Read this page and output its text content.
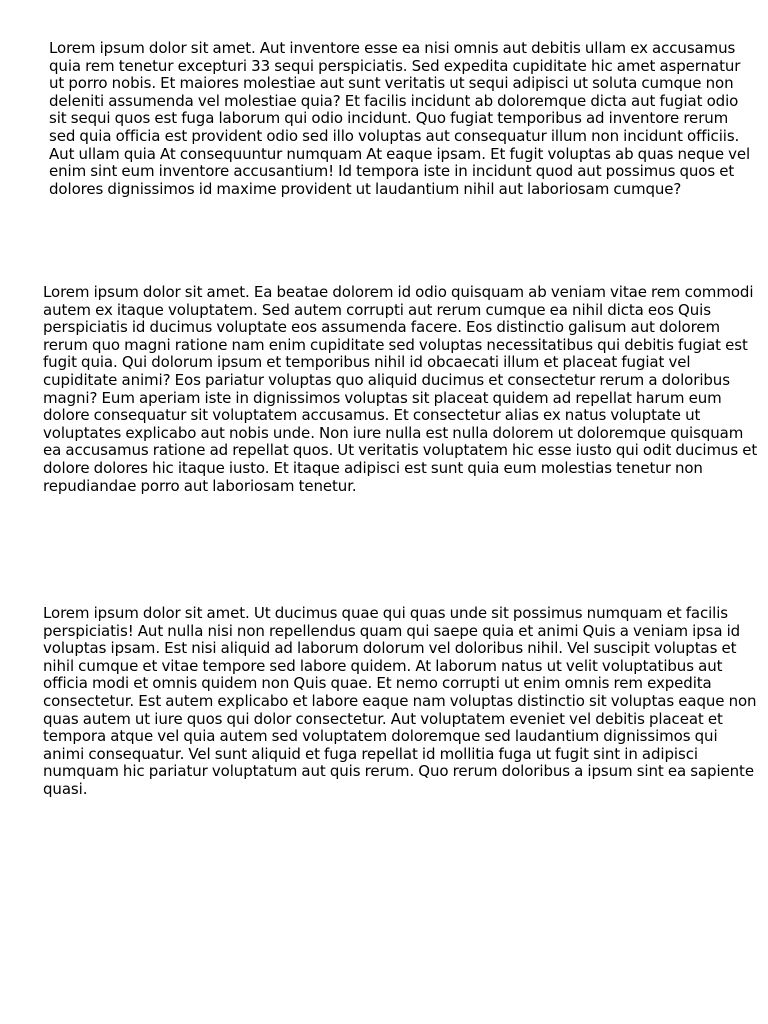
Lorem ipsum dolor sit amet. Aut inventore esse ea nisi omnis aut debitis ullam ex accusamus quia rem tenetur excepturi 33 sequi perspiciatis. Sed expedita cupiditate hic amet aspernatur ut porro nobis. Et maiores molestiae aut sunt veritatis ut sequi adipisci ut soluta cumque non deleniti assumenda vel molestiae quia? Et facilis incidunt ab doloremque dicta aut fugiat odio sit sequi quos est fuga laborum qui odio incidunt. Quo fugiat temporibus ad inventore rerum sed quia officia est provident odio sed illo voluptas aut consequatur illum non incidunt officiis. Aut ullam quia At consequuntur numquam At eaque ipsam. Et fugit voluptas ab quas neque vel enim sint eum inventore accusantium! Id tempora iste in incidunt quod aut possimus quos et dolores dignissimos id maxime provident ut laudantium nihil aut laboriosam cumque?

Lorem ipsum dolor sit amet. Ea beatae dolorem id odio quisquam ab veniam vitae rem commodi autem ex itaque voluptatem. Sed autem corrupti aut rerum cumque ea nihil dicta eos Quis perspiciatis id ducimus voluptate eos assumenda facere. Eos distinctio galisum aut dolorem rerum quo magni ratione nam enim cupiditate sed voluptas necessitatibus qui debitis fugiat est fugit quia. Qui dolorum ipsum et temporibus nihil id obcaecati illum et placeat fugiat vel cupiditate animi? Eos pariatur voluptas quo aliquid ducimus et consectetur rerum a doloribus magni? Eum aperiam iste in dignissimos voluptas sit placeat quidem ad repellat harum eum dolore consequatur sit voluptatem accusamus. Et consectetur alias ex natus voluptate ut voluptates explicabo aut nobis unde. Non iure nulla est nulla dolorem ut doloremque quisquam ea accusamus ratione ad repellat quos. Ut veritatis voluptatem hic esse iusto qui odit ducimus et dolore dolores hic itaque iusto. Et itaque adipisci est sunt quia eum molestias tenetur non repudiandae porro aut laboriosam tenetur.

Lorem ipsum dolor sit amet. Ut ducimus quae qui quas unde sit possimus numquam et facilis perspiciatis! Aut nulla nisi non repellendus quam qui saepe quia et animi Quis a veniam ipsa id voluptas ipsam. Est nisi aliquid ad laborum dolorum vel doloribus nihil. Vel suscipit voluptas et nihil cumque et vitae tempore sed labore quidem. At laborum natus ut velit voluptatibus aut officia modi et omnis quidem non Quis quae. Et nemo corrupti ut enim omnis rem expedita consectetur. Est autem explicabo et labore eaque nam voluptas distinctio sit voluptas eaque non quas autem ut iure quos qui dolor consectetur. Aut voluptatem eveniet vel debitis placeat et tempora atque vel quia autem sed voluptatem doloremque sed laudantium dignissimos qui animi consequatur. Vel sunt aliquid et fuga repellat id mollitia fuga ut fugit sint in adipisci numquam hic pariatur voluptatum aut quis rerum. Quo rerum doloribus a ipsum sint ea sapiente quasi.
